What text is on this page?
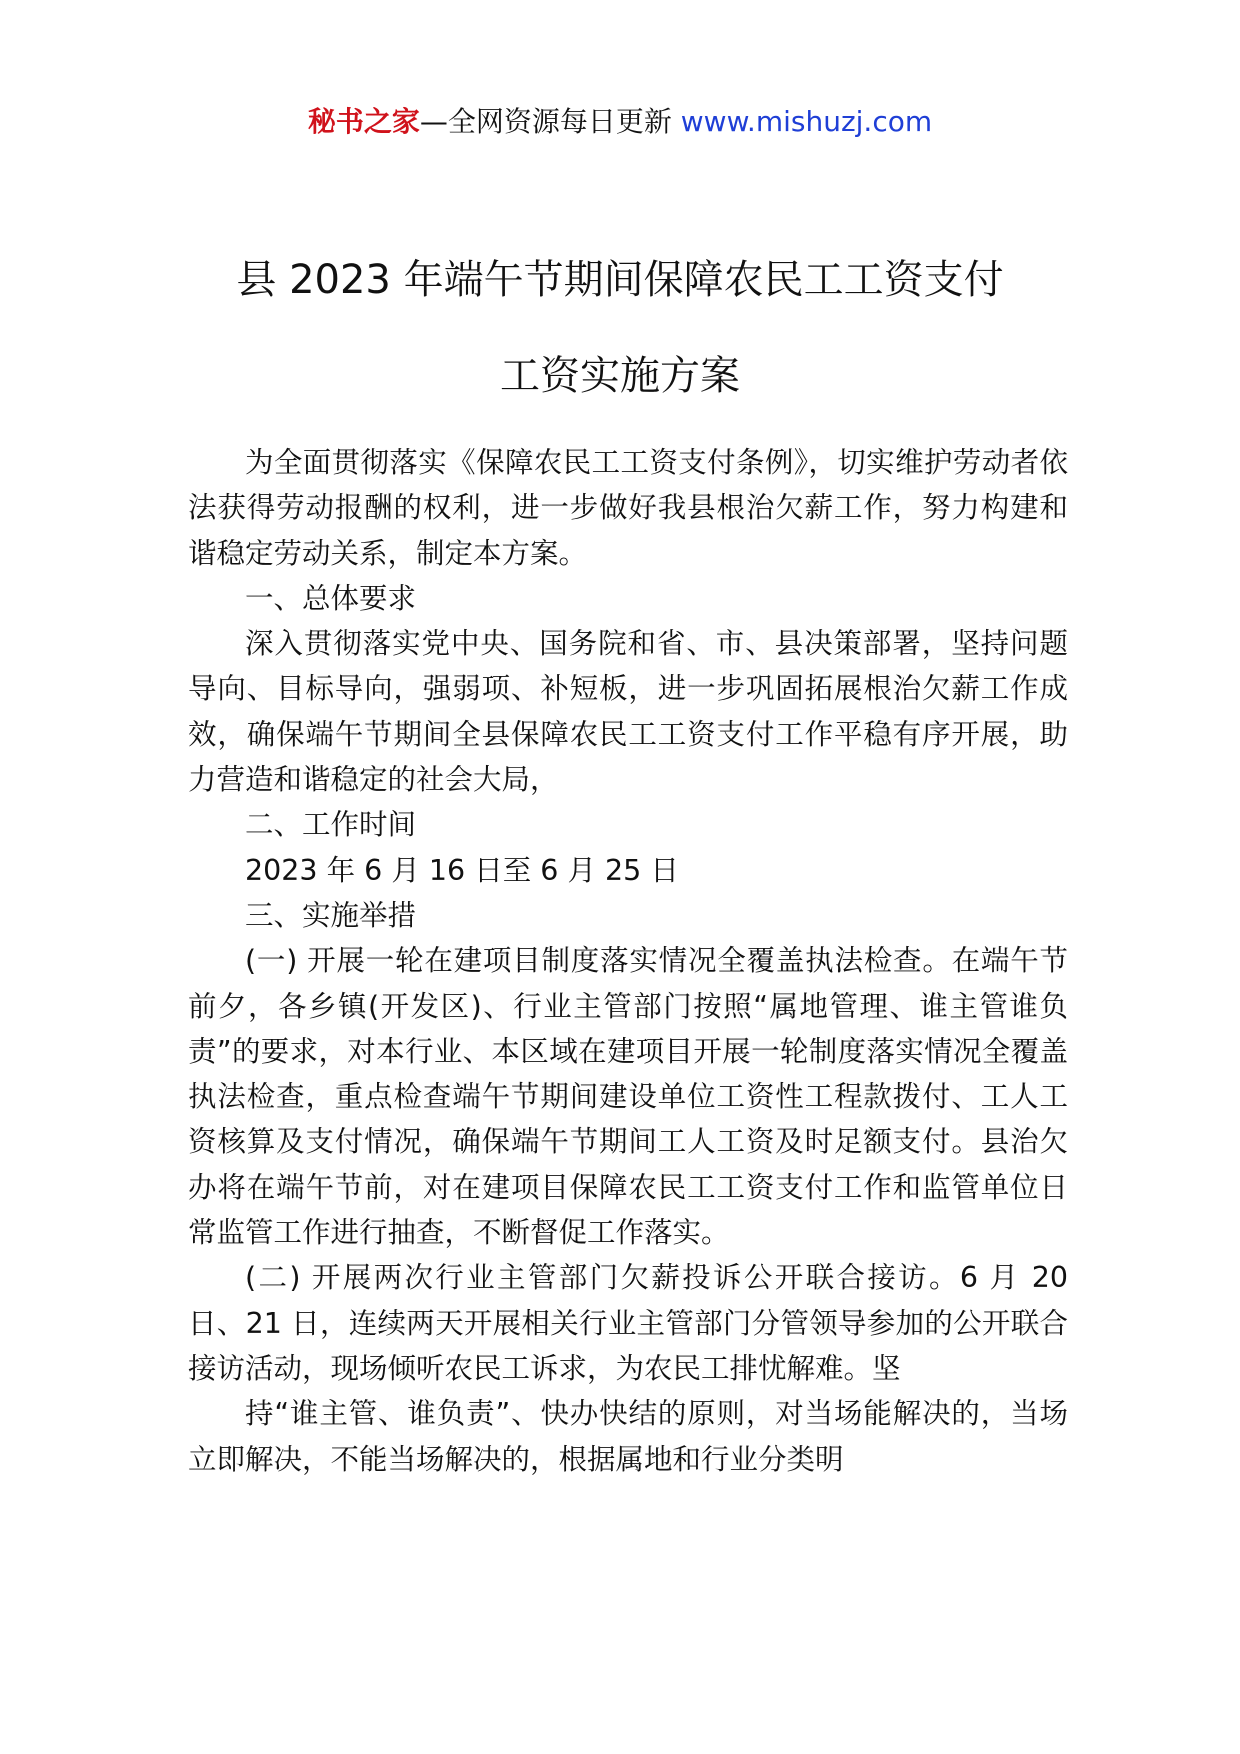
秘书之家—全网资源每日更新 www.mishuzj.com
县 2023 年端午节期间保障农民工工资支付
工资实施方案

为全面贯彻落实《保障农民工工资支付条例》，切实维护劳动者依法获得劳动报酬的权利，进一步做好我县根治欠薪工作，努力构建和谐稳定劳动关系，制定本方案。

一、总体要求

深入贯彻落实党中央、国务院和省、市、县决策部署，坚持问题导向、目标导向，强弱项、补短板，进一步巩固拓展根治欠薪工作成效，确保端午节期间全县保障农民工工资支付工作平稳有序开展，助力营造和谐稳定的社会大局，

二、工作时间

2023 年 6 月 16 日至 6 月 25 日

三、实施举措

(一) 开展一轮在建项目制度落实情况全覆盖执法检查。在端午节前夕，各乡镇(开发区)、行业主管部门按照“属地管理、谁主管谁负责”的要求，对本行业、本区域在建项目开展一轮制度落实情况全覆盖执法检查，重点检查端午节期间建设单位工资性工程款拨付、工人工资核算及支付情况，确保端午节期间工人工资及时足额支付。县治欠办将在端午节前，对在建项目保障农民工工资支付工作和监管单位日 常监管工作进行抽查，不断督促工作落实。

(二) 开展两次行业主管部门欠薪投诉公开联合接访。6 月 20 日、21 日，连续两天开展相关行业主管部门分管领导参加的公开联合接访活动，现场倾听农民工诉求，为农民工排忧解难。坚

持“谁主管、谁负责”、快办快结的原则，对当场能解决的，当场立即解决，不能当场解决的，根据属地和行业分类明
